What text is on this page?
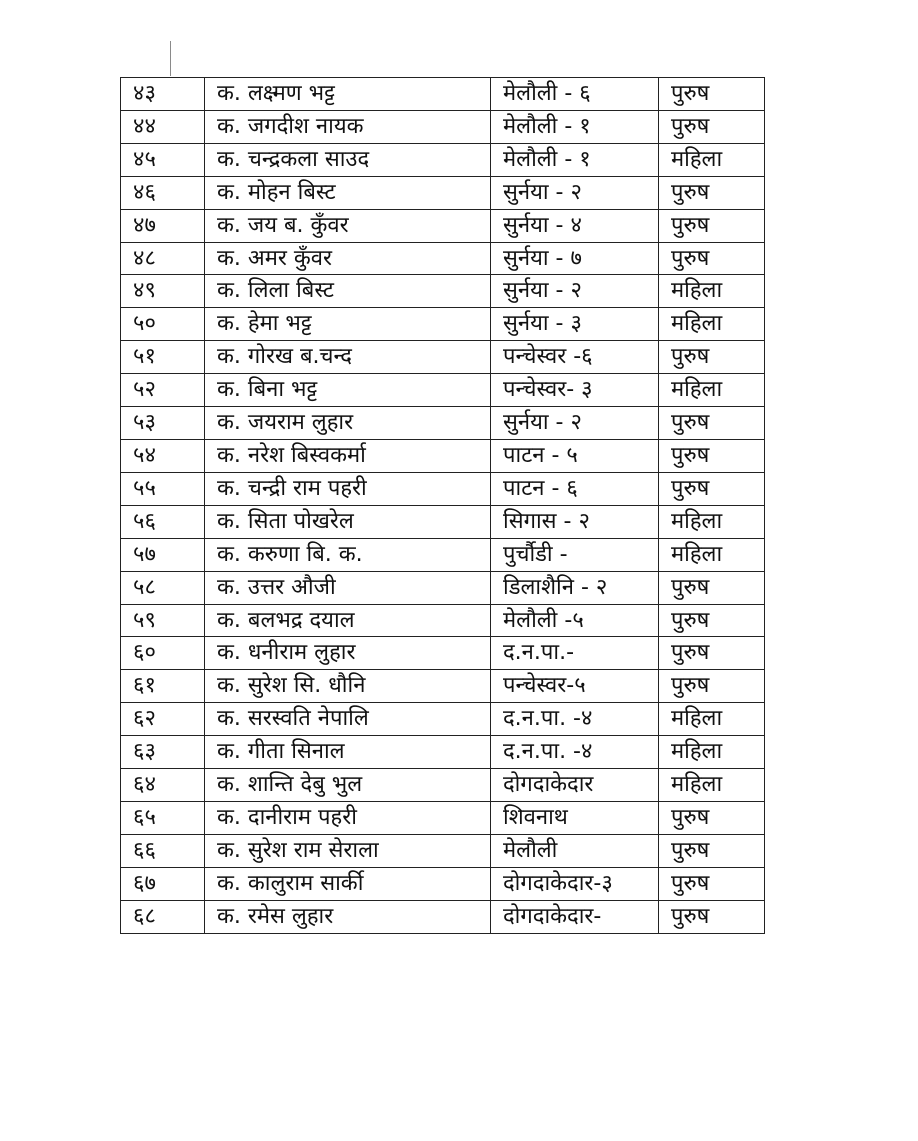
४३	क. लक्ष्मण भट्ट	मेलौली - ६	पुरुष
४४	क. जगदीश नायक	मेलौली - १	पुरुष
४५	क. चन्द्रकला साउद	मेलौली - १	महिला
४६	क. मोहन बिस्ट	सुर्नया - २	पुरुष
४७	क. जय ब. कुँवर	सुर्नया - ४	पुरुष
४८	क. अमर कुँवर	सुर्नया - ७	पुरुष
४९	क. लिला बिस्ट	सुर्नया - २	महिला
५०	क. हेमा भट्ट	सुर्नया - ३	महिला
५१	क. गोरख ब.चन्द	पन्चेस्वर -६	पुरुष
५२	क. बिना भट्ट	पन्चेस्वर- ३	महिला
५३	क. जयराम लुहार	सुर्नया - २	पुरुष
५४	क. नरेश बिस्वकर्मा	पाटन - ५	पुरुष
५५	क. चन्द्री राम पहरी	पाटन - ६	पुरुष
५६	क. सिता पोखरेल	सिगास - २	महिला
५७	क. करुणा बि. क.	पुर्चौडी -	महिला
५८	क. उत्तर औजी	डिलाशैनि - २	पुरुष
५९	क. बलभद्र दयाल	मेलौली -५	पुरुष
६०	क. धनीराम लुहार	द.न.पा.-	पुरुष
६१	क. सुरेश सि. धौनि	पन्चेस्वर-५	पुरुष
६२	क. सरस्वति नेपालि	द.न.पा. -४	महिला
६३	क. गीता सिनाल	द.न.पा. -४	महिला
६४	क. शान्ति देबु भुल	दोगदाकेदार	महिला
६५	क. दानीराम पहरी	शिवनाथ	पुरुष
६६	क. सुरेश राम सेराला	मेलौली	पुरुष
६७	क. कालुराम सार्की	दोगदाकेदार-३	पुरुष
६८	क. रमेस लुहार	दोगदाकेदार-	पुरुष
